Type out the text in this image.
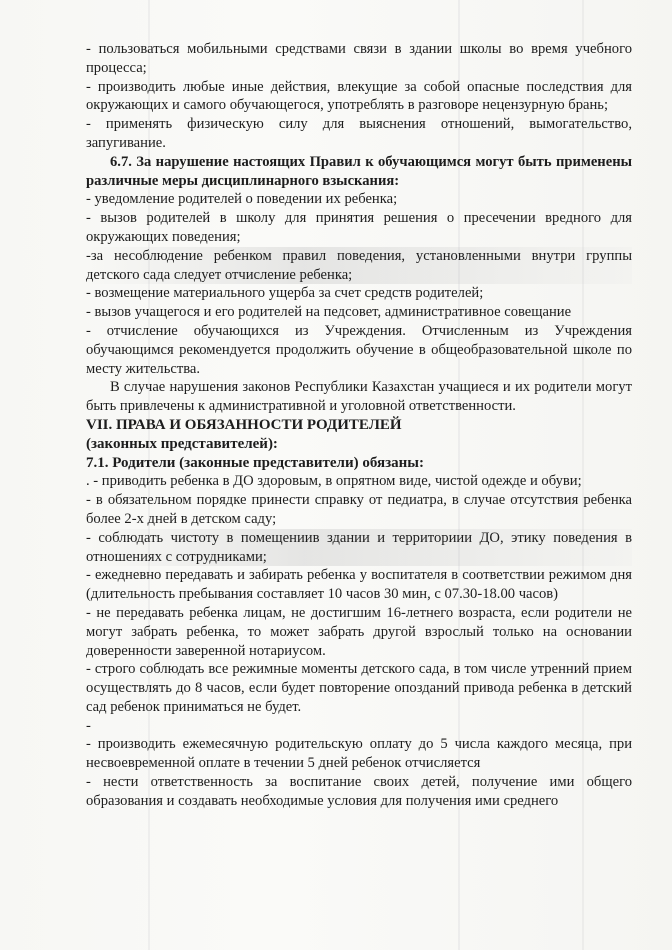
- пользоваться мобильными средствами связи в здании школы во время учебного процесса;

- производить любые иные действия, влекущие за собой опасные последствия для окружающих и самого обучающегося, употреблять в разговоре нецензурную брань;

- применять физическую силу для выяснения отношений, вымогательство, запугивание.

6.7. За нарушение настоящих Правил к обучающимся могут быть применены различные меры дисциплинарного взыскания:

- уведомление родителей о поведении их ребенка;

- вызов родителей в школу для принятия решения о пресечении вредного для окружающих поведения;

-за несоблюдение ребенком правил поведения, установленными внутри группы детского сада следует отчисление ребенка;

- возмещение материального ущерба за счет средств родителей;

- вызов учащегося и его родителей на педсовет, административное совещание

- отчисление обучающихся из Учреждения. Отчисленным из Учреждения обучающимся рекомендуется продолжить обучение в общеобразовательной школе по месту жительства.

В случае нарушения законов Республики Казахстан учащиеся и их родители могут быть привлечены к административной и уголовной ответственности.

VII. ПРАВА И ОБЯЗАННОСТИ РОДИТЕЛЕЙ

(законных представителей):

7.1. Родители (законные представители) обязаны:

. - приводить ребенка в ДО здоровым, в опрятном виде, чистой одежде и обуви;

- в обязательном порядке принести справку от педиатра, в случае отсутствия ребенка более 2-х дней в детском саду;

- соблюдать чистоту в помещениив здании и территориии ДО, этику поведения в отношениях с сотрудниками;

- ежедневно передавать и забирать ребенка у воспитателя в соответствии режимом дня (длительность пребывания составляет 10 часов 30 мин, с 07.30-18.00 часов)

- не передавать ребенка лицам, не достигшим 16-летнего возраста, если родители не могут забрать ребенка, то может забрать другой взрослый только на основании доверенности заверенной нотариусом.

- строго соблюдать все режимные моменты детского сада, в том числе утренний прием осуществлять до 8 часов, если будет повторение опозданий привода ребенка в детский сад ребенок приниматься не будет.

-

- производить ежемесячную родительскую оплату до 5 числа каждого месяца, при несвоевременной оплате в течении 5 дней ребенок отчисляется

- нести ответственность за воспитание своих детей, получение ими общего образования и создавать необходимые условия для получения ими среднего
